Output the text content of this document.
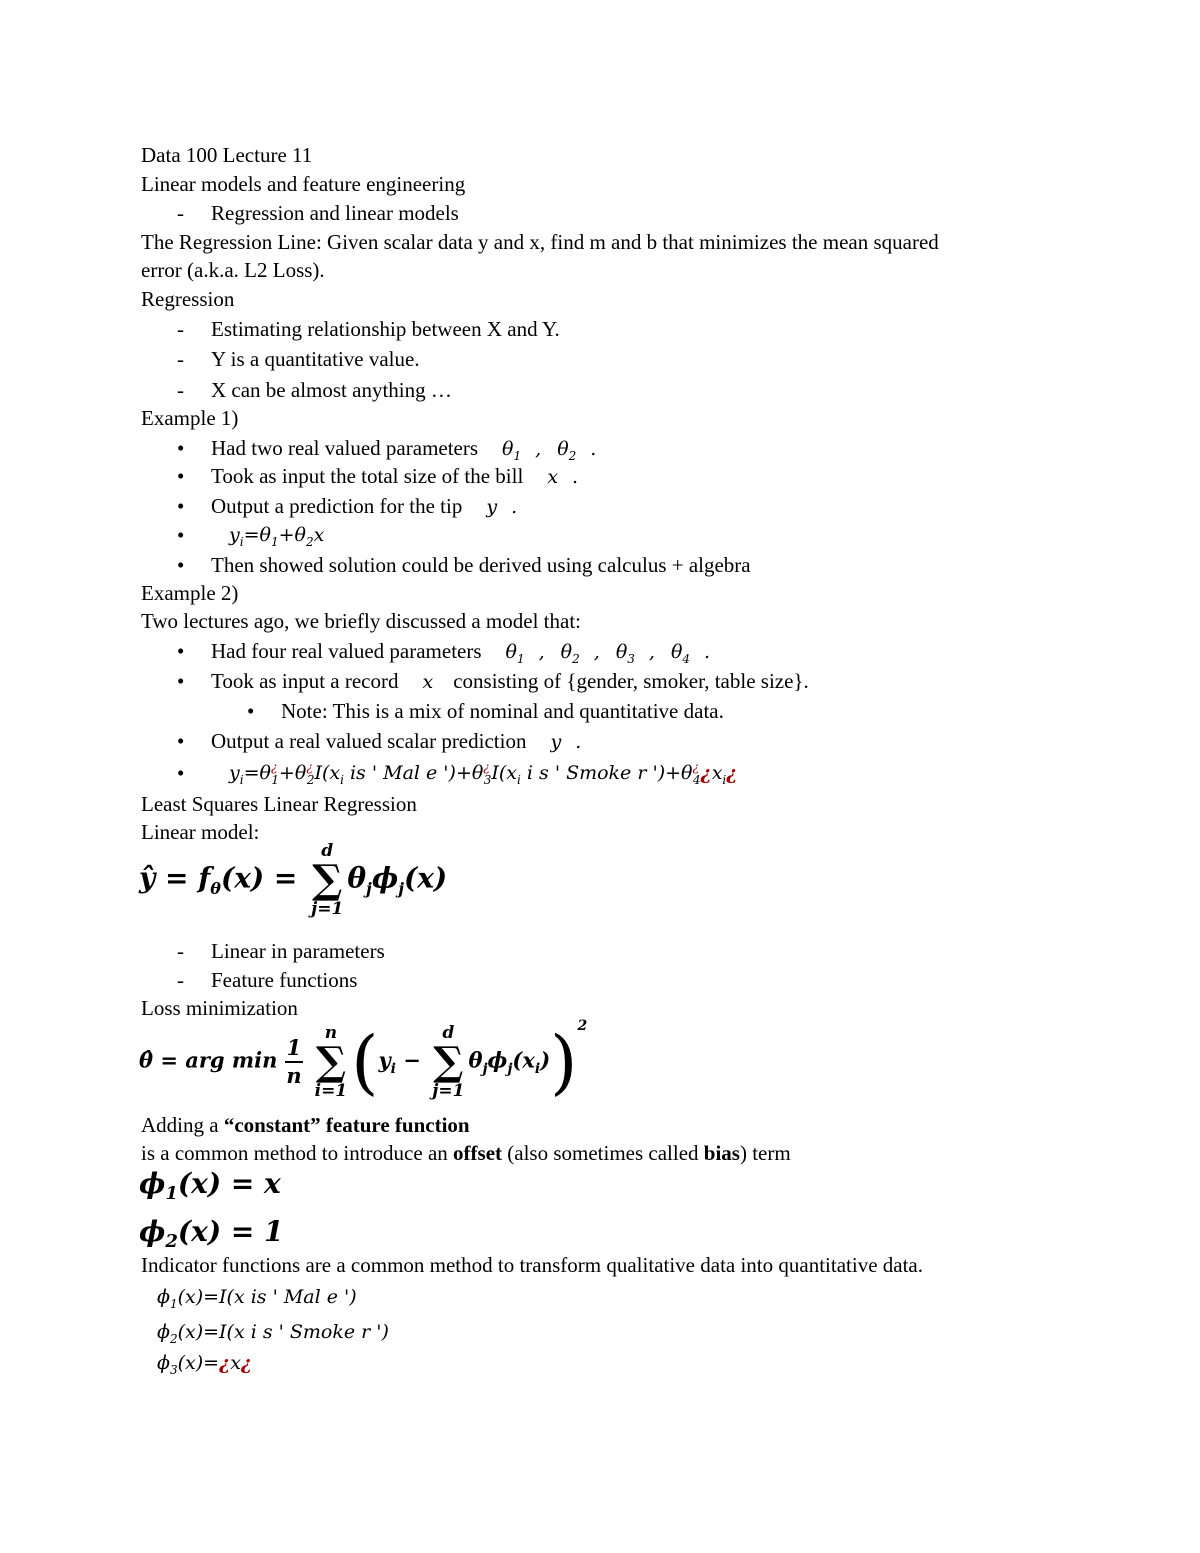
Data 100 Lecture 11
Linear models and feature engineering
-	Regression and linear models
The Regression Line: Given scalar data y and x, find m and b that minimizes the mean squared
error (a.k.a. L2 Loss).
Regression
-	Estimating relationship between X and Y.
-	Y is a quantitative value.
-	X can be almost anything …
Example 1)
•	Had two real valued parameters $\theta_1$ , $\theta_2$ .
•	Took as input the total size of the bill x .
•	Output a prediction for the tip y .
•	$y_i=\theta_1+\theta_2x$
•	Then showed solution could be derived using calculus + algebra
Example 2)
Two lectures ago, we briefly discussed a model that:
•	Had four real valued parameters $\theta_1$ , $\theta_2$ , $\theta_3$ , $\theta_4$ .
•	Took as input a record x consisting of {gender, smoker, table size}.
•	Note: This is a mix of nominal and quantitative data.
•	Output a real valued scalar prediction y .
•	$y_i=\theta^¿_1+\theta^¿_2I(x_i$ is ' Mal e ')$+\theta^¿_3I(x_i$ i s ' Smoke r ')$+\theta^¿_4¿x_i¿$
Least Squares Linear Regression
Linear model:
ŷ = $f_\theta(x)$ =
d
∑
j=1
$\theta_j\phi_j(x)$
-	Linear in parameters
-	Feature functions
Loss minimization
θ̂ = arg $\min \frac{1}{n}$

n
∑
i=1 ($y_i$ −
d
∑
j=1
$\theta_j\phi_j(x_i))^2$
Adding a “constant” feature function
is a common method to introduce an offset (also sometimes called bias) term
$\phi_1(x) = x$
$\phi_2(x) = 1$
Indicator functions are a common method to transform qualitative data into quantitative data.
$\phi_1(x)=I(x$ is ' Mal e ')
$\phi_2(x)=I(x$ i s ' Smoke r ')
$\phi_3(x)=¿x¿$
